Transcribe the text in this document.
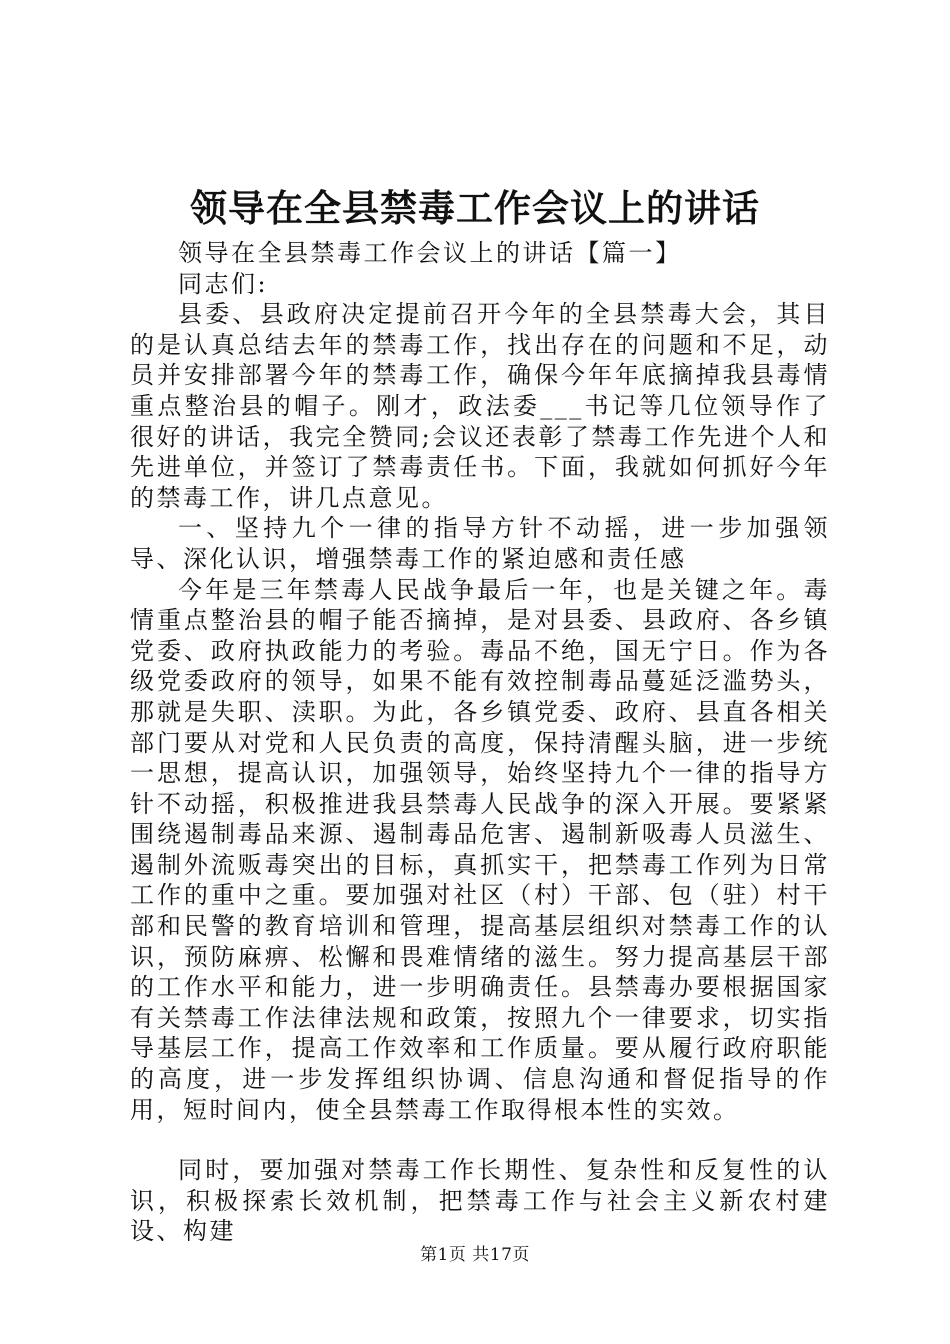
领导在全县禁毒工作会议上的讲话

领导在全县禁毒工作会议上的讲话【篇一】

同志们:

县委、县政府决定提前召开今年的全县禁毒大会，其目的是认真总结去年的禁毒工作，找出存在的问题和不足，动员并安排部署今年的禁毒工作，确保今年年底摘掉我县毒情重点整治县的帽子。刚才，政法委___书记等几位领导作了很好的讲话，我完全赞同;会议还表彰了禁毒工作先进个人和先进单位，并签订了禁毒责任书。下面，我就如何抓好今年的禁毒工作，讲几点意见。

一、坚持九个一律的指导方针不动摇，进一步加强领导、深化认识，增强禁毒工作的紧迫感和责任感

今年是三年禁毒人民战争最后一年，也是关键之年。毒情重点整治县的帽子能否摘掉，是对县委、县政府、各乡镇党委、政府执政能力的考验。毒品不绝，国无宁日。作为各级党委政府的领导，如果不能有效控制毒品蔓延泛滥势头，那就是失职、渎职。为此，各乡镇党委、政府、县直各相关部门要从对党和人民负责的高度，保持清醒头脑，进一步统一思想，提高认识，加强领导，始终坚持九个一律的指导方针不动摇，积极推进我县禁毒人民战争的深入开展。要紧紧围绕遏制毒品来源、遏制毒品危害、遏制新吸毒人员滋生、遏制外流贩毒突出的目标，真抓实干，把禁毒工作列为日常工作的重中之重。要加强对社区（村）干部、包（驻）村干部和民警的教育培训和管理，提高基层组织对禁毒工作的认识，预防麻痹、松懈和畏难情绪的滋生。努力提高基层干部的工作水平和能力，进一步明确责任。县禁毒办要根据国家有关禁毒工作法律法规和政策，按照九个一律要求，切实指导基层工作，提高工作效率和工作质量。要从履行政府职能的高度，进一步发挥组织协调、信息沟通和督促指导的作用，短时间内，使全县禁毒工作取得根本性的实效。

同时，要加强对禁毒工作长期性、复杂性和反复性的认识，积极探索长效机制，把禁毒工作与社会主义新农村建设、构建

第1页 共17页
